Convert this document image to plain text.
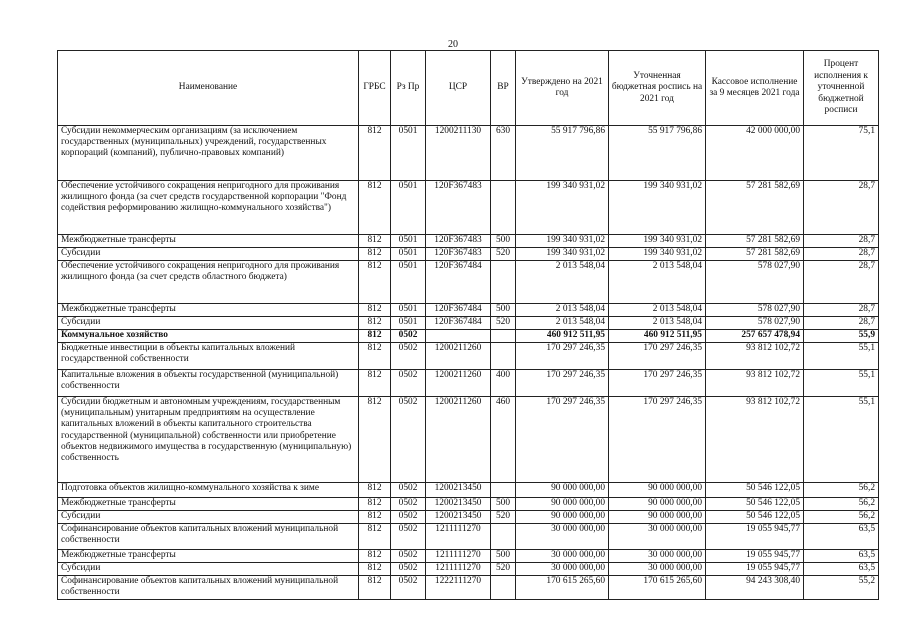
20
Наименование	ГРБС	Рз Пр	ЦСР	ВР	Утверждено на 2021 год	Уточненная бюджетная роспись на 2021 год	Кассовое исполнение за 9 месяцев 2021 года	Процент исполнения к уточненной бюджетной росписи
Субсидии некоммерческим организациям (за исключением государственных (муниципальных) учреждений, государственных корпораций (компаний), публично-правовых компаний)	812	0501	1200211130	630	55 917 796,86	55 917 796,86	42 000 000,00	75,1
Обеспечение устойчивого сокращения непригодного для проживания жилищного фонда (за счет средств государственной корпорации "Фонд содействия реформированию жилищно-коммунального хозяйства")	812	0501	120F367483		199 340 931,02	199 340 931,02	57 281 582,69	28,7
Межбюджетные трансферты	812	0501	120F367483	500	199 340 931,02	199 340 931,02	57 281 582,69	28,7
Субсидии	812	0501	120F367483	520	199 340 931,02	199 340 931,02	57 281 582,69	28,7
Обеспечение устойчивого сокращения непригодного для проживания жилищного фонда (за счет средств областного бюджета)	812	0501	120F367484		2 013 548,04	2 013 548,04	578 027,90	28,7
Межбюджетные трансферты	812	0501	120F367484	500	2 013 548,04	2 013 548,04	578 027,90	28,7
Субсидии	812	0501	120F367484	520	2 013 548,04	2 013 548,04	578 027,90	28,7
Коммунальное хозяйство	812	0502			460 912 511,95	460 912 511,95	257 657 478,94	55,9
Бюджетные инвестиции в объекты капитальных вложений государственной собственности	812	0502	1200211260		170 297 246,35	170 297 246,35	93 812 102,72	55,1
Капитальные вложения в объекты государственной (муниципальной) собственности	812	0502	1200211260	400	170 297 246,35	170 297 246,35	93 812 102,72	55,1
Субсидии бюджетным и автономным учреждениям, государственным (муниципальным) унитарным предприятиям на осуществление капитальных вложений в объекты капитального строительства государственной (муниципальной) собственности или приобретение объектов недвижимого имущества в государственную (муниципальную) собственность	812	0502	1200211260	460	170 297 246,35	170 297 246,35	93 812 102,72	55,1
Подготовка объектов жилищно-коммунального хозяйства к зиме	812	0502	1200213450		90 000 000,00	90 000 000,00	50 546 122,05	56,2
Межбюджетные трансферты	812	0502	1200213450	500	90 000 000,00	90 000 000,00	50 546 122,05	56,2
Субсидии	812	0502	1200213450	520	90 000 000,00	90 000 000,00	50 546 122,05	56,2
Софинансирование объектов капитальных вложений муниципальной собственности	812	0502	1211111270		30 000 000,00	30 000 000,00	19 055 945,77	63,5
Межбюджетные трансферты	812	0502	1211111270	500	30 000 000,00	30 000 000,00	19 055 945,77	63,5
Субсидии	812	0502	1211111270	520	30 000 000,00	30 000 000,00	19 055 945,77	63,5
Софинансирование объектов капитальных вложений муниципальной собственности	812	0502	1222111270		170 615 265,60	170 615 265,60	94 243 308,40	55,2
